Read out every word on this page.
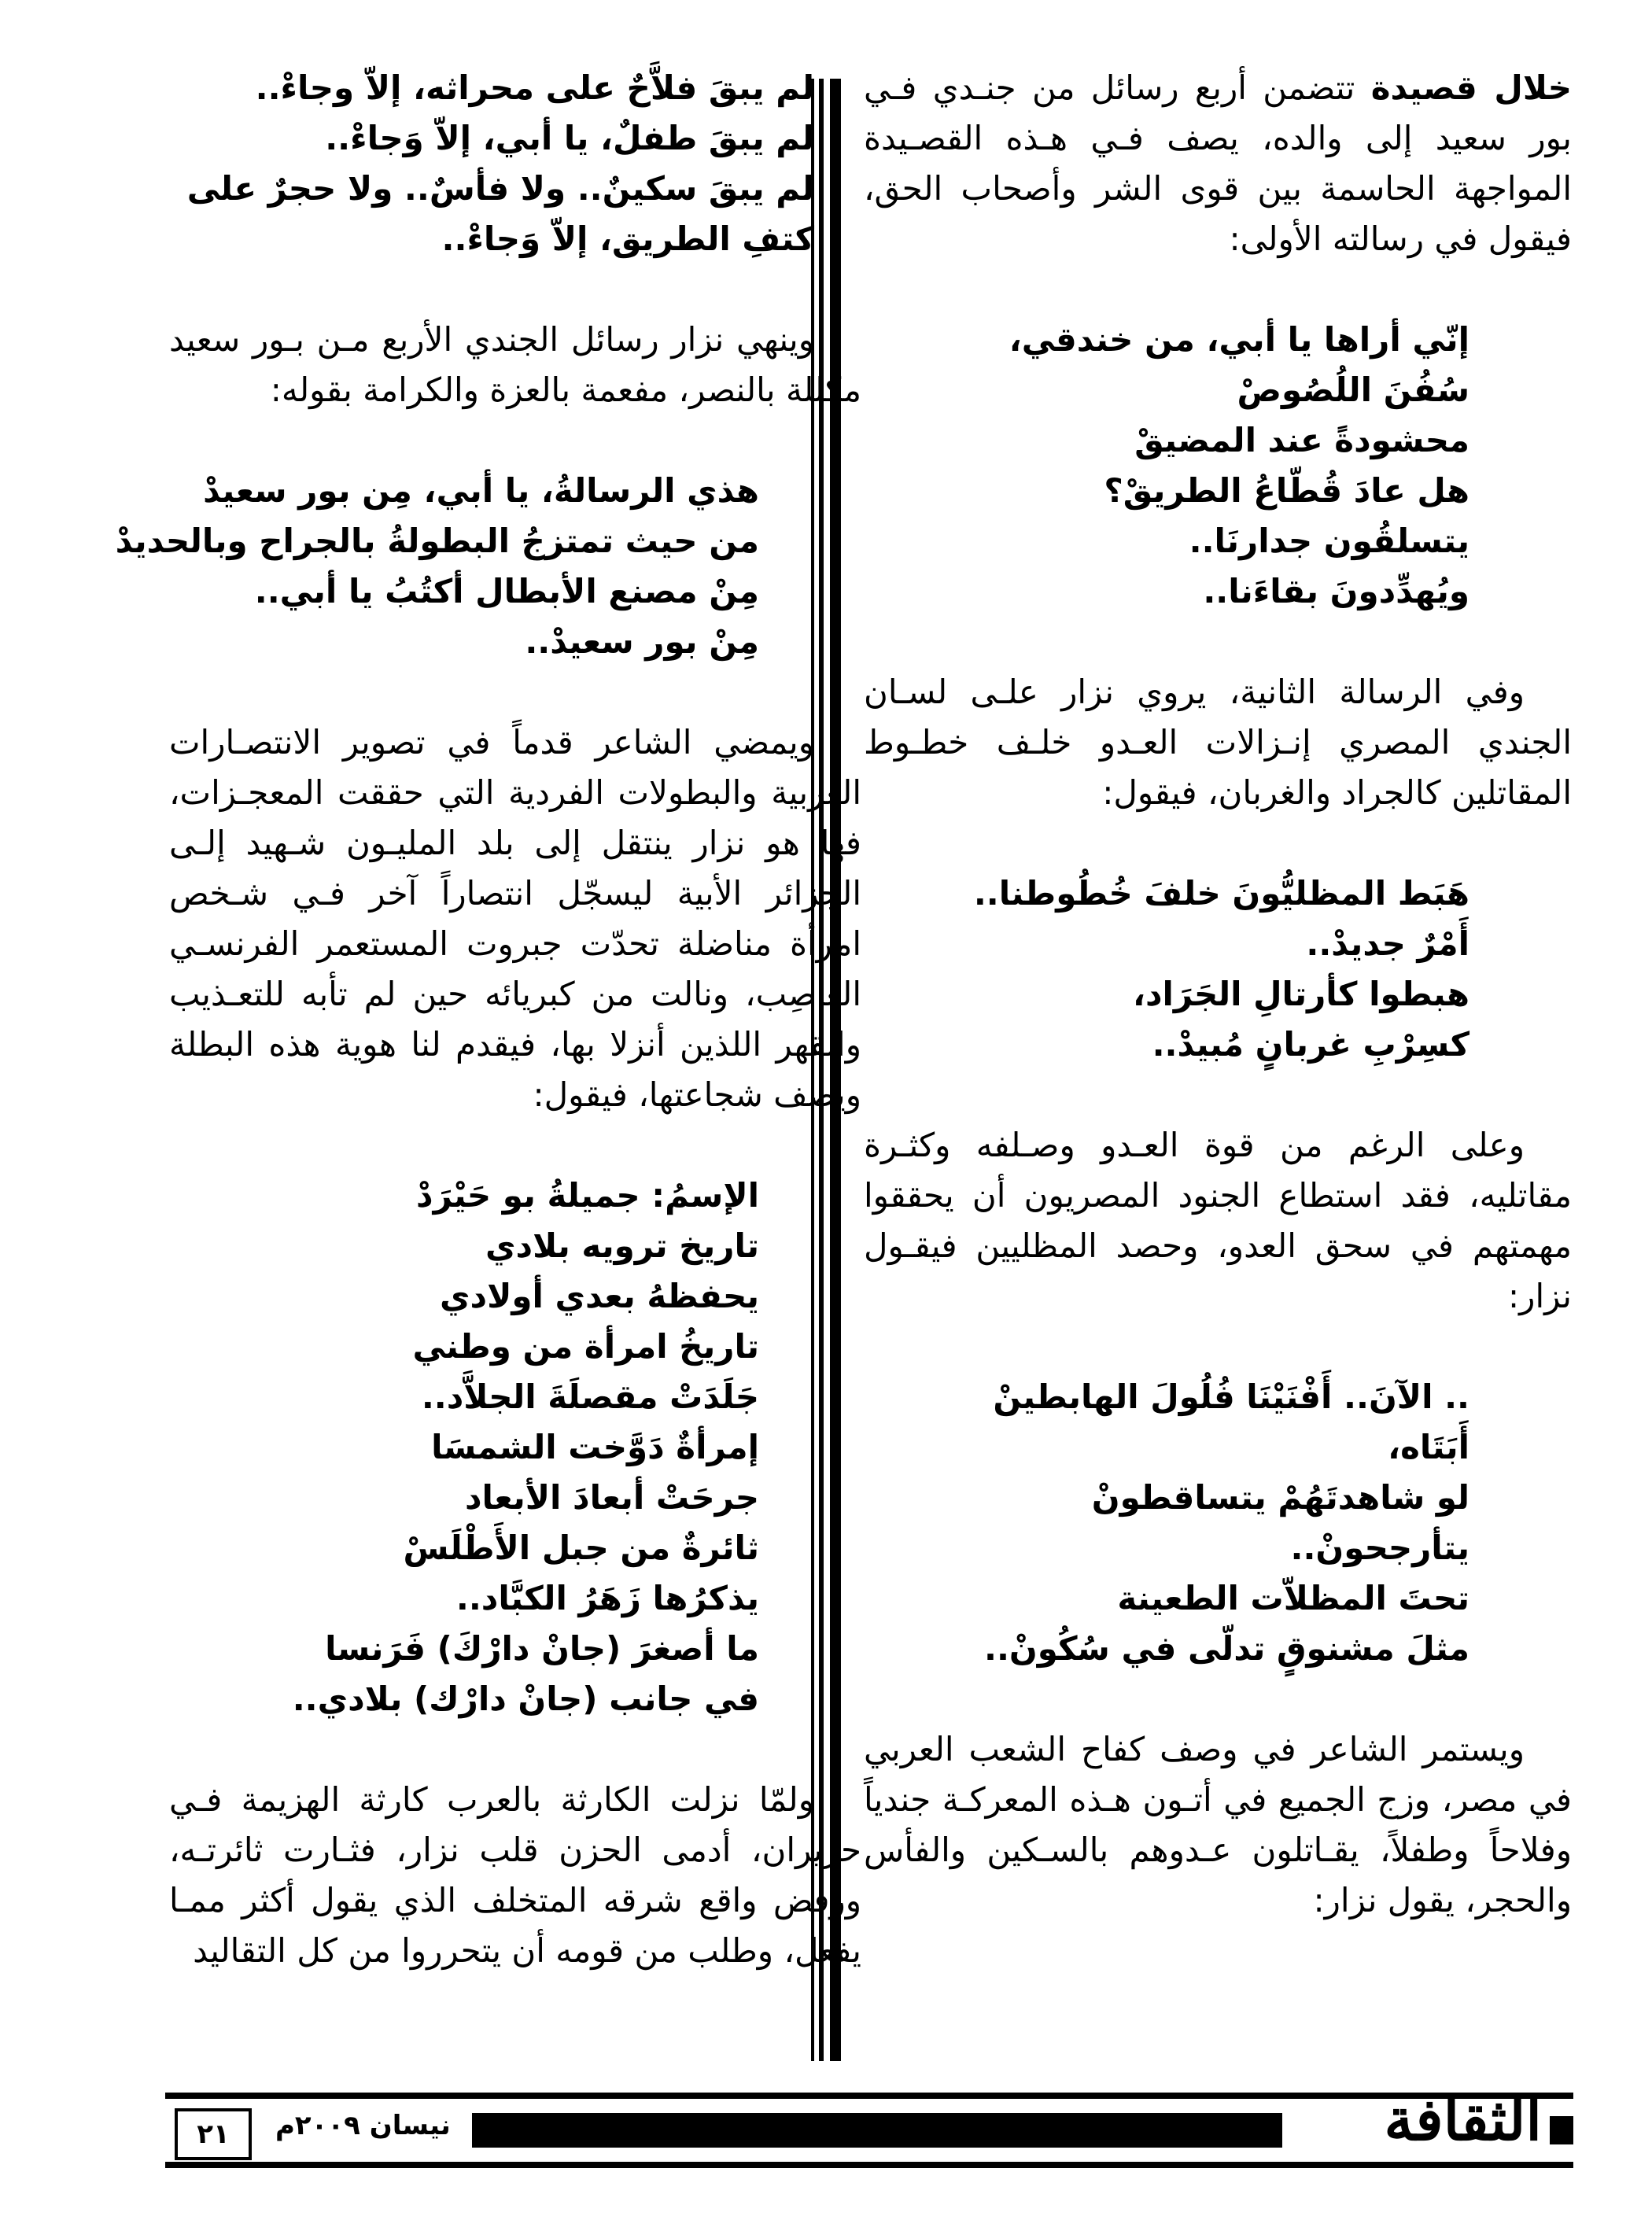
خلال قصيدة تتضمن أربع رسائل من جنـدي فـي بور سعيد إلى والده، يصف فـي هـذه القصـيدة المواجهة الحاسمة بين قوى الشر وأصحاب الحق، فيقول في رسالته الأولى:

إنّي أراها يا أبي، من خندقي،
سُفُنَ اللُصُوصْ
محشودةً عند المضيقْ
هل عادَ قُطّاعُ الطريقْ؟
يتسلقُون جدارنَا..
ويُهدِّدونَ بقاءَنا..

وفي الرسالة الثانية، يروي نزار علـى لسـان الجندي المصري إنـزالات العـدو خلـف خطـوط المقاتلين كالجراد والغربان، فيقول:

هَبَط المظليُّونَ خلفَ خُطُوطنا..
أَمْرٌ جديدْ..
هبطوا كأرتالِ الجَرَاد،
كسِرْبِ غربانٍ مُبيدْ..

وعلى الرغم من قوة العـدو وصـلفه وكثـرة مقاتليه، فقد استطاع الجنود المصريون أن يحققوا مهمتهم في سحق العدو، وحصد المظليين فيقـول نزار:

.. الآنَ.. أَفْنَيْنَا فُلُولَ الهابطينْ
أَبَتَاه،
لو شاهدتَهُمْ يتساقطونْ
يتأرجحونْ..
تحتَ المظلاّت الطعينة
مثلَ مشنوقٍ تدلّى في سُكُونْ..

ويستمر الشاعر في وصف كفاح الشعب العربي في مصر، وزج الجميع في أتـون هـذه المعركـة جندياً وفلاحاً وطفلاً، يقـاتلون عـدوهم بالسـكين والفأس والحجر، يقول نزار:

لم يبقَ فلاَّحٌ على محراثه، إلاّ وجاءْ..
لم يبقَ طفلٌ، يا أبي، إلاّ وَجاءْ..
لم يبقَ سكينٌ.. ولا فأسٌ.. ولا حجرٌ على كتفِ الطريق، إلاّ وَجاءْ..

وينهي نزار رسائل الجندي الأربع مـن بـور سعيد مكللة بالنصر، مفعمة بالعزة والكرامة بقوله:

هذي الرسالةُ، يا أبي، مِن بور سعيدْ
من حيث تمتزجُ البطولةُ بالجراح وبالحديدْ
مِنْ مصنع الأبطال أكتُبُ يا أبي..
مِنْ بور سعيدْ..

ويمضي الشاعر قدماً في تصوير الانتصـارات العربية والبطولات الفردية التي حققت المعجـزات، فها هو نزار ينتقل إلى بلد المليـون شـهيد إلـى الجزائر الأبية ليسجّل انتصاراً آخر فـي شـخص امرأة مناضلة تحدّت جبروت المستعمر الفرنسـي الغاصِب، ونالت من كبريائه حين لم تأبه للتعـذيب والقهر اللذين أنزلا بها، فيقدم لنا هوية هذه البطلة ويصف شجاعتها، فيقول:

الإسمُ: جميلةُ بو حَيْرَدْ
تاريخ ترويه بلادي
يحفظهُ بعدي أولادي
تاريخُ امرأة من وطني
جَلَدَتْ مقصلَةَ الجلاَّد..
إمرأةٌ دَوَّخت الشمسَا
جرحَتْ أبعادَ الأبعاد
ثائرةٌ من جبل الأَطْلَسْ
يذكرُها زَهَرُ الكبَّاد..
ما أصغرَ (جانْ دارْكَ) فَرَنسا
في جانب (جانْ دارْك) بلادي..

ولمّا نزلت الكارثة بالعرب كارثة الهزيمة فـي حزيران، أدمى الحزن قلب نزار، فثـارت ثائرتـه، ورفض واقع شرقه المتخلف الذي يقول أكثر ممـا يفعل، وطلب من قومه أن يتحرروا من كل التقاليد

٢١	نيسان ٢٠٠٩م	الثقافة
